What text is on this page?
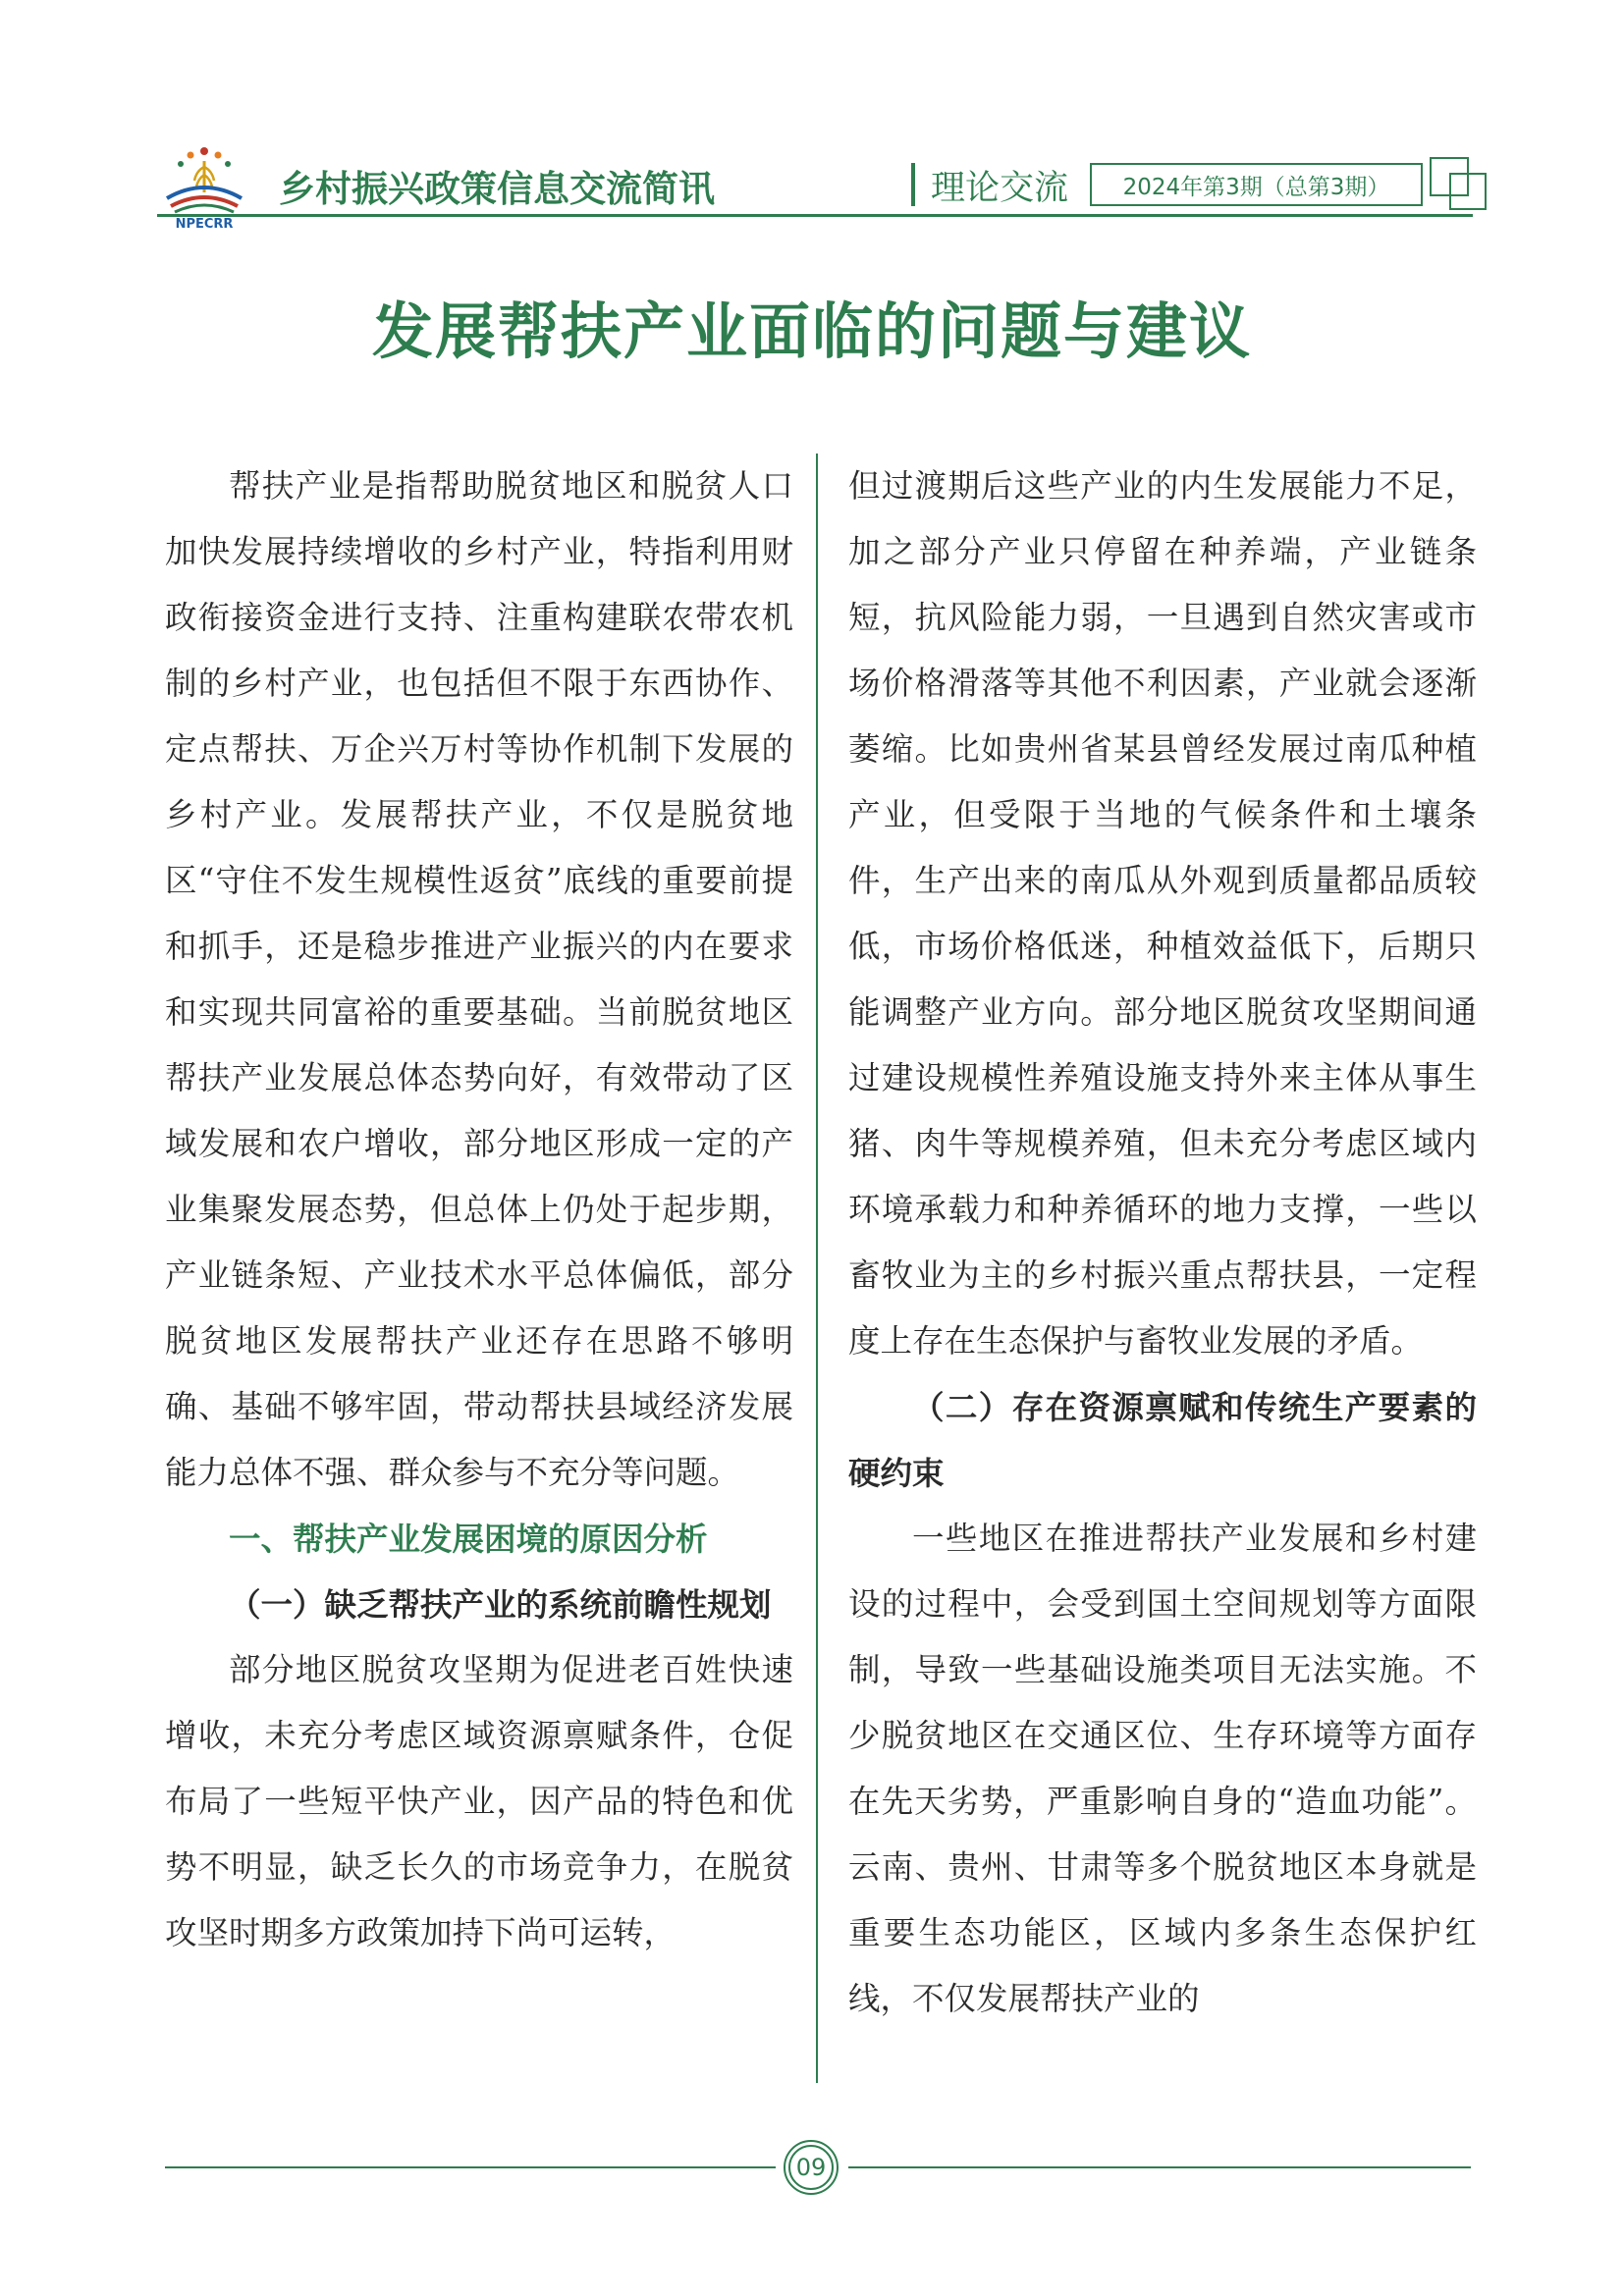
NPECRR
乡村振兴政策信息交流简讯	理论交流	2024年第3期（总第3期）
发展帮扶产业面临的问题与建议

帮扶产业是指帮助脱贫地区和脱贫人口加快发展持续增收的乡村产业，特指利用财政衔接资金进行支持、注重构建联农带农机制的乡村产业，也包括但不限于东西协作、定点帮扶、万企兴万村等协作机制下发展的乡村产业。发展帮扶产业，不仅是脱贫地区“守住不发生规模性返贫”底线的重要前提和抓手，还是稳步推进产业振兴的内在要求和实现共同富裕的重要基础。当前脱贫地区帮扶产业发展总体态势向好，有效带动了区域发展和农户增收，部分地区形成一定的产业集聚发展态势，但总体上仍处于起步期，产业链条短、产业技术水平总体偏低，部分脱贫地区发展帮扶产业还存在思路不够明确、基础不够牢固，带动帮扶县域经济发展能力总体不强、群众参与不充分等问题。

一、帮扶产业发展困境的原因分析

（一）缺乏帮扶产业的系统前瞻性规划

部分地区脱贫攻坚期为促进老百姓快速增收，未充分考虑区域资源禀赋条件，仓促布局了一些短平快产业，因产品的特色和优势不明显，缺乏长久的市场竞争力，在脱贫攻坚时期多方政策加持下尚可运转，

但过渡期后这些产业的内生发展能力不足，加之部分产业只停留在种养端，产业链条短，抗风险能力弱，一旦遇到自然灾害或市场价格滑落等其他不利因素，产业就会逐渐萎缩。比如贵州省某县曾经发展过南瓜种植产业，但受限于当地的气候条件和土壤条件，生产出来的南瓜从外观到质量都品质较低，市场价格低迷，种植效益低下，后期只能调整产业方向。部分地区脱贫攻坚期间通过建设规模性养殖设施支持外来主体从事生猪、肉牛等规模养殖，但未充分考虑区域内环境承载力和种养循环的地力支撑，一些以畜牧业为主的乡村振兴重点帮扶县，一定程度上存在生态保护与畜牧业发展的矛盾。

（二）存在资源禀赋和传统生产要素的硬约束

一些地区在推进帮扶产业发展和乡村建设的过程中，会受到国土空间规划等方面限制，导致一些基础设施类项目无法实施。不少脱贫地区在交通区位、生存环境等方面存在先天劣势，严重影响自身的“造血功能”。云南、贵州、甘肃等多个脱贫地区本身就是重要生态功能区，区域内多条生态保护红线，不仅发展帮扶产业的

09
